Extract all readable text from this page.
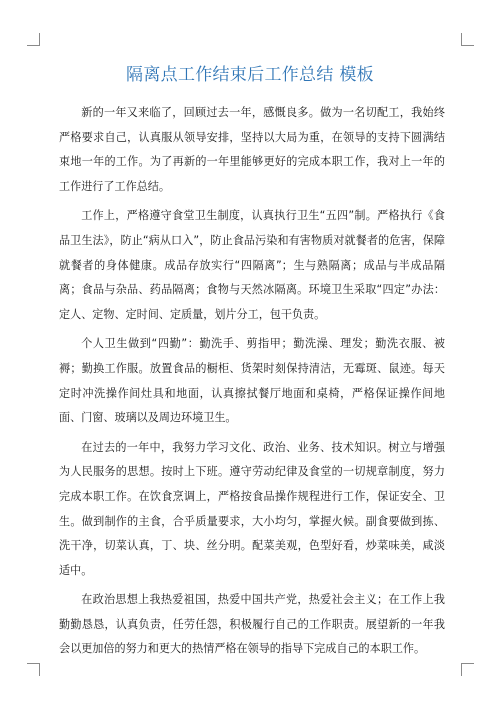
隔离点工作结束后工作总结 模板

新的一年又来临了，回顾过去一年，感慨良多。做为一名切配工，我始终严格要求自己，认真服从领导安排，坚持以大局为重，在领导的支持下圆满结束地一年的工作。为了再新的一年里能够更好的完成本职工作，我对上一年的工作进行了工作总结。

工作上，严格遵守食堂卫生制度，认真执行卫生“五四”制。严格执行《食品卫生法》，防止“病从口入”，防止食品污染和有害物质对就餐者的危害，保障就餐者的身体健康。成品存放实行“四隔离”；生与熟隔离；成品与半成品隔离；食品与杂品、药品隔离；食物与天然冰隔离。环境卫生采取“四定”办法：定人、定物、定时间、定质量，划片分工，包干负责。

个人卫生做到“四勤”：勤洗手、剪指甲；勤洗澡、理发；勤洗衣服、被褥；勤换工作服。放置食品的橱柜、货架时刻保持清洁，无霉斑、鼠迹。每天定时冲洗操作间灶具和地面，认真擦拭餐厅地面和桌椅，严格保证操作间地面、门窗、玻璃以及周边环境卫生。

在过去的一年中，我努力学习文化、政治、业务、技术知识。树立与增强为人民服务的思想。按时上下班。遵守劳动纪律及食堂的一切规章制度，努力完成本职工作。在饮食烹调上，严格按食品操作规程进行工作，保证安全、卫生。做到制作的主食，合乎质量要求，大小均匀，掌握火候。副食要做到拣、洗干净，切菜认真，丁、块、丝分明。配菜美观，色型好看，炒菜味美，咸淡适中。

在政治思想上我热爱祖国，热爱中国共产党，热爱社会主义；在工作上我勤勤恳恳，认真负责，任劳任怨，积极履行自己的工作职责。展望新的一年我会以更加倍的努力和更大的热情严格在领导的指导下完成自己的本职工作。
